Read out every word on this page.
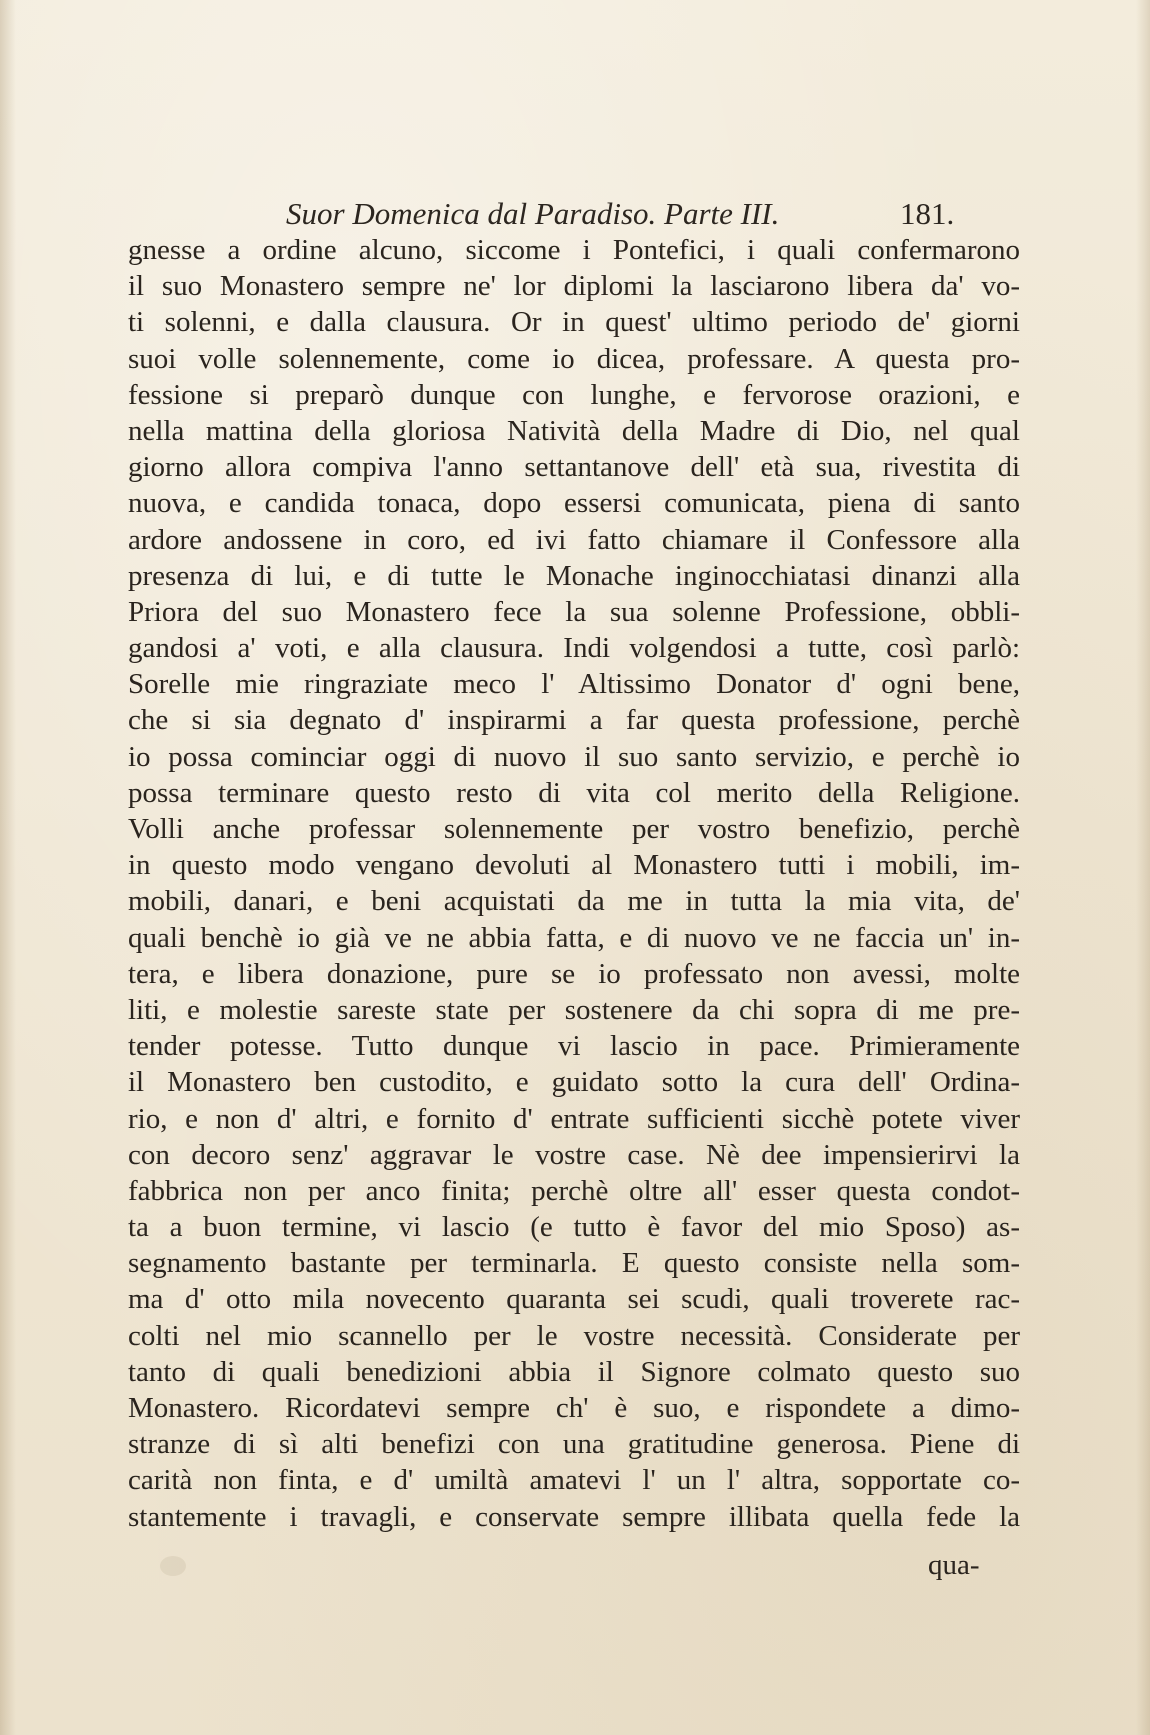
Suor Domenica dal Paradiso. Parte III.	181.
gnesse a ordine alcuno, siccome i Pontefici, i quali confermarono
il suo Monastero sempre ne' lor diplomi la lasciarono libera da' vo-
ti solenni, e dalla clausura. Or in quest' ultimo periodo de' giorni
suoi volle solennemente, come io dicea, professare. A questa pro-
fessione si preparò dunque con lunghe, e fervorose orazioni, e
nella mattina della gloriosa Natività della Madre di Dio, nel qual
giorno allora compiva l'anno settantanove dell' età sua, rivestita di
nuova, e candida tonaca, dopo essersi comunicata, piena di santo
ardore andossene in coro, ed ivi fatto chiamare il Confessore alla
presenza di lui, e di tutte le Monache inginocchiatasi dinanzi alla
Priora del suo Monastero fece la sua solenne Professione, obbli-
gandosi a' voti, e alla clausura. Indi volgendosi a tutte, così parlò:
Sorelle mie ringraziate meco l' Altissimo Donator d' ogni bene,
che si sia degnato d' inspirarmi a far questa professione, perchè
io possa cominciar oggi di nuovo il suo santo servizio, e perchè io
possa terminare questo resto di vita col merito della Religione.
Volli anche professar solennemente per vostro benefizio, perchè
in questo modo vengano devoluti al Monastero tutti i mobili, im-
mobili, danari, e beni acquistati da me in tutta la mia vita, de'
quali benchè io già ve ne abbia fatta, e di nuovo ve ne faccia un' in-
tera, e libera donazione, pure se io professato non avessi, molte
liti, e molestie sareste state per sostenere da chi sopra di me pre-
tender potesse. Tutto dunque vi lascio in pace. Primieramente
il Monastero ben custodito, e guidato sotto la cura dell' Ordina-
rio, e non d' altri, e fornito d' entrate sufficienti sicchè potete viver
con decoro senz' aggravar le vostre case. Nè dee impensierirvi la
fabbrica non per anco finita; perchè oltre all' esser questa condot-
ta a buon termine, vi lascio (e tutto è favor del mio Sposo) as-
segnamento bastante per terminarla. E questo consiste nella som-
ma d' otto mila novecento quaranta sei scudi, quali troverete rac-
colti nel mio scannello per le vostre necessità. Considerate per
tanto di quali benedizioni abbia il Signore colmato questo suo
Monastero. Ricordatevi sempre ch' è suo, e rispondete a dimo-
stranze di sì alti benefizi con una gratitudine generosa. Piene di
carità non finta, e d' umiltà amatevi l' un l' altra, sopportate co-
stantemente i travagli, e conservate sempre illibata quella fede la
qua-
